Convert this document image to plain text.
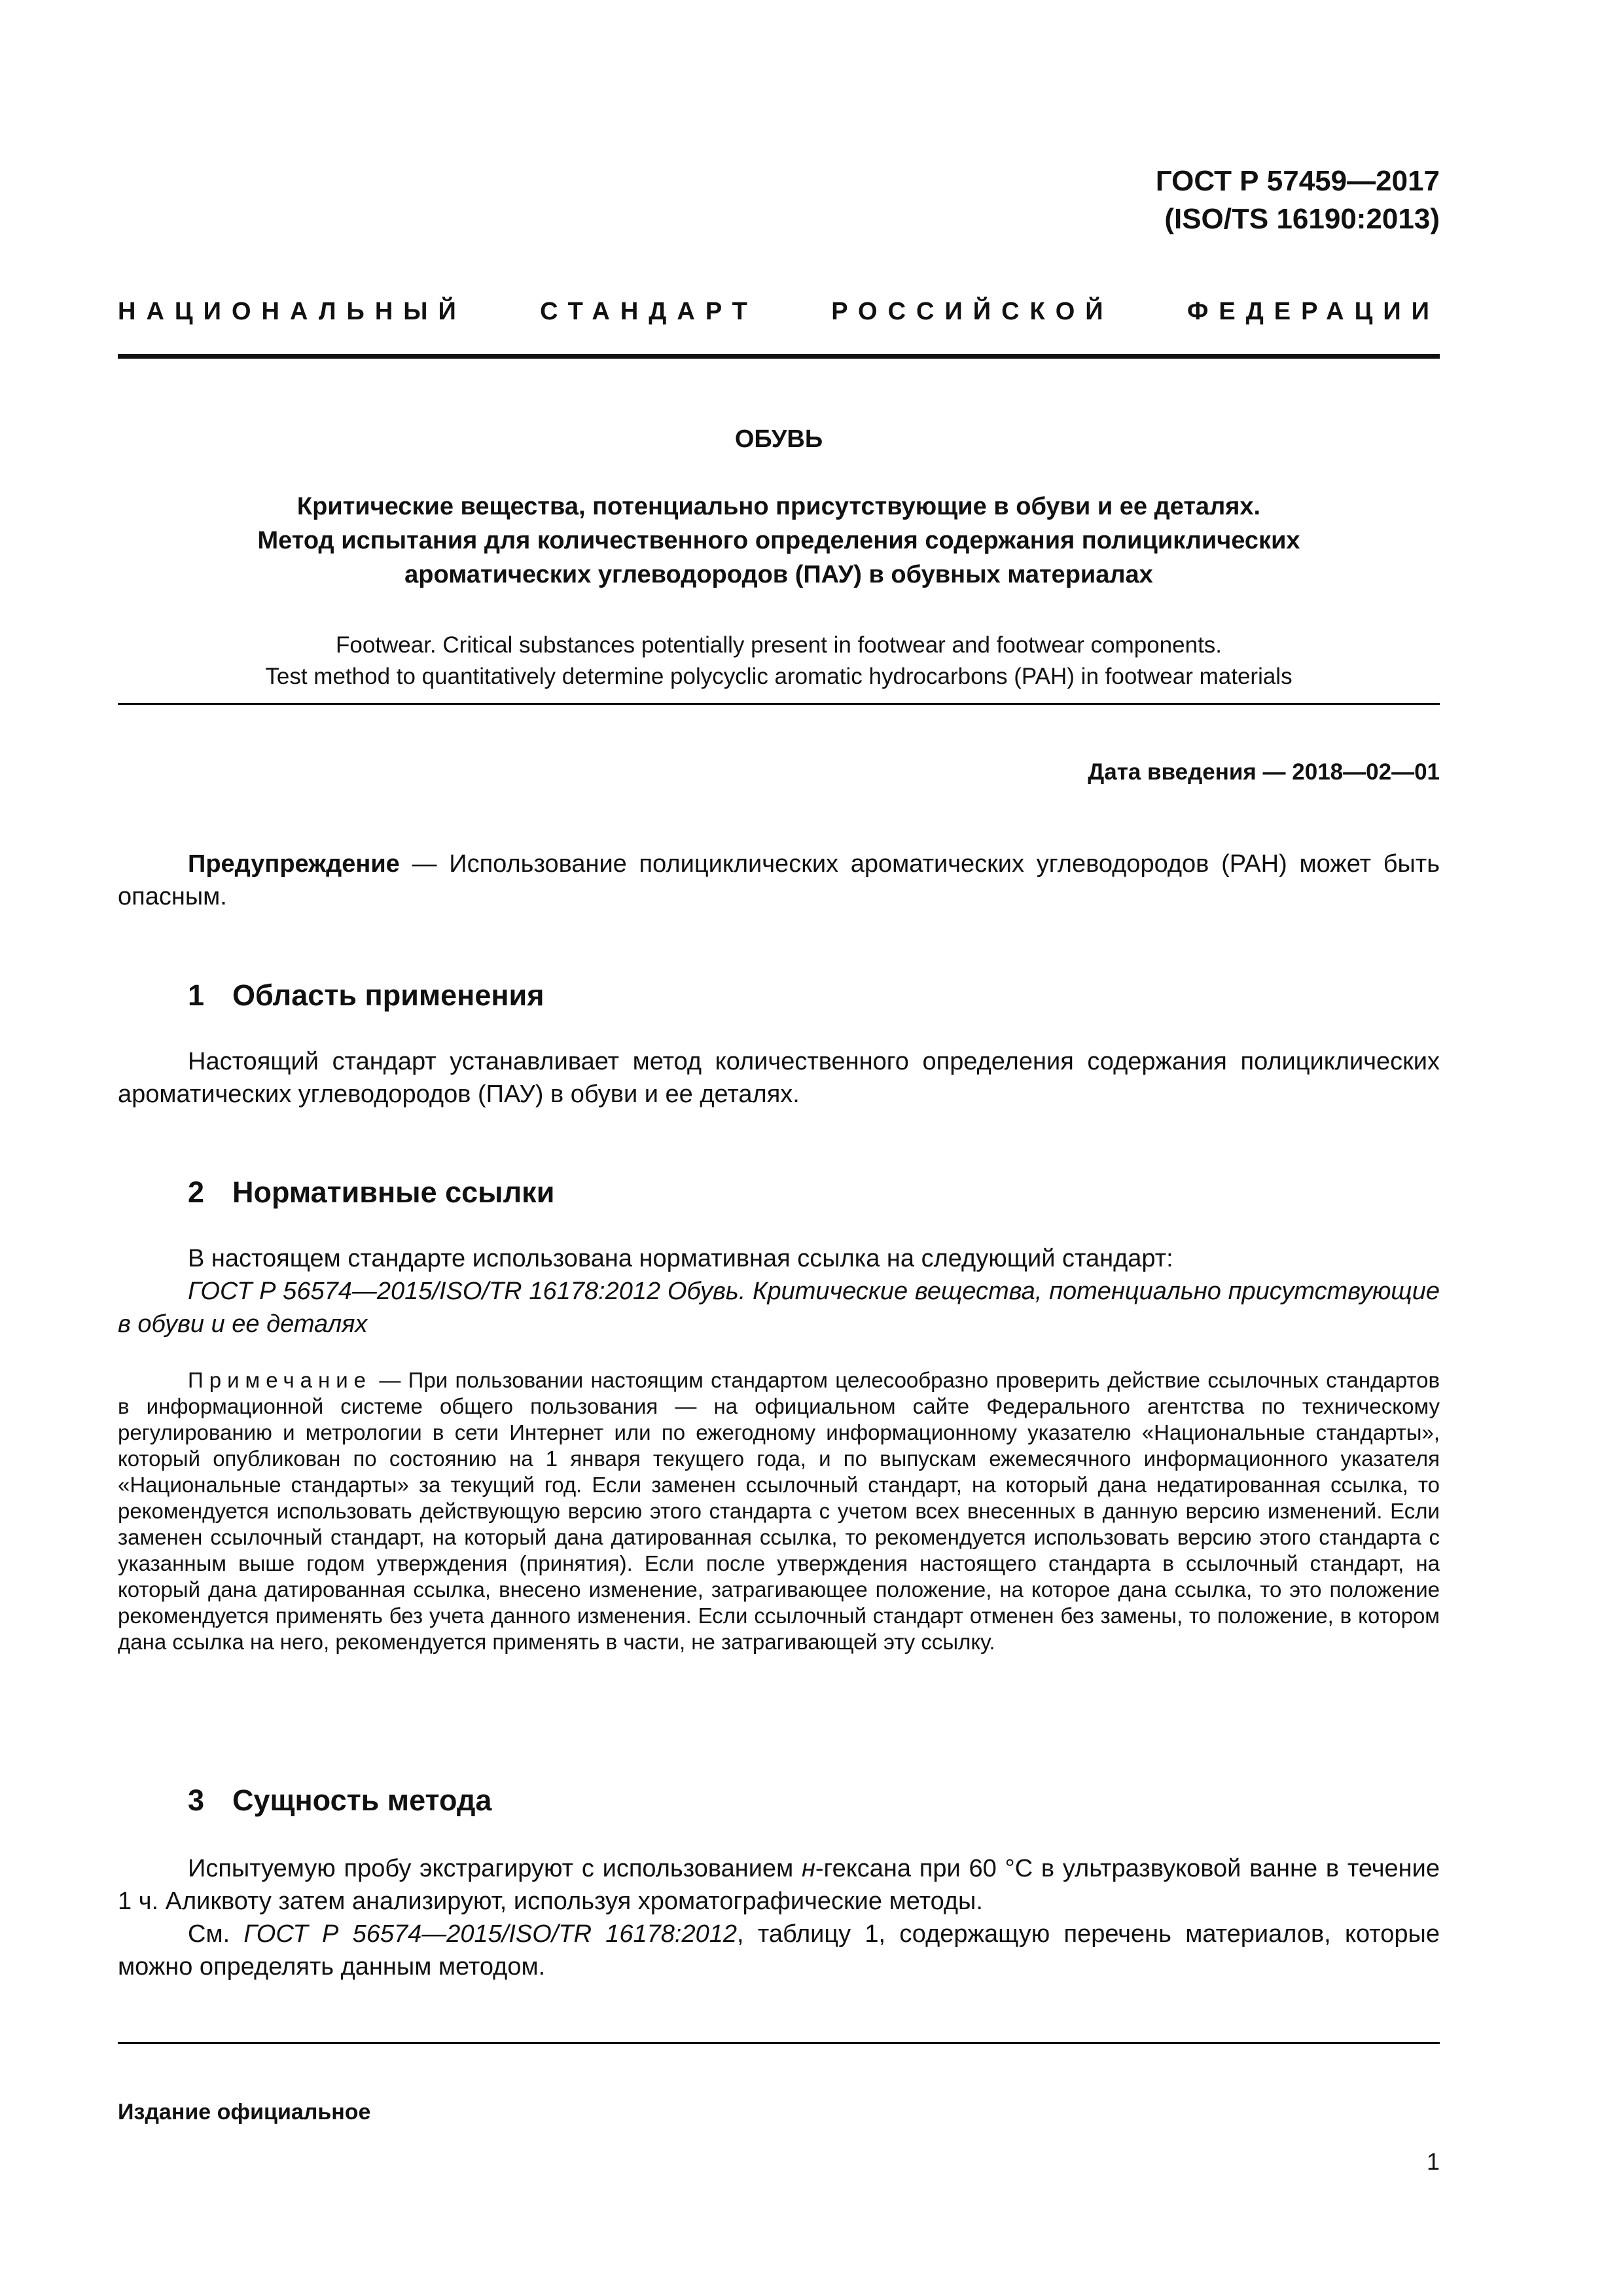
ГОСТ Р 57459—2017
(ISO/TS 16190:2013)
НАЦИОНАЛЬНЫЙ	СТАНДАРТ	РОССИЙСКОЙ	ФЕДЕРАЦИИ
ОБУВЬ
Критические вещества, потенциально присутствующие в обуви и ее деталях.
Метод испытания для количественного определения содержания полициклических
ароматических углеводородов (ПАУ) в обувных материалах
Footwear. Critical substances potentially present in footwear and footwear components.
Test method to quantitatively determine polycyclic aromatic hydrocarbons (PAH) in footwear materials
Дата введения — 2018—02—01
Предупреждение — Использование полициклических ароматических углеводородов (PAH) может быть опасным.
1 Область применения
Настоящий стандарт устанавливает метод количественного определения содержания полициклических ароматических углеводородов (ПАУ) в обуви и ее деталях.
2 Нормативные ссылки
В настоящем стандарте использована нормативная ссылка на следующий стандарт:
ГОСТ Р 56574—2015/ISO/TR 16178:2012 Обувь. Критические вещества, потенциально присутствующие в обуви и ее деталях
Примечание — При пользовании настоящим стандартом целесообразно проверить действие ссылочных стандартов в информационной системе общего пользования — на официальном сайте Федерального агентства по техническому регулированию и метрологии в сети Интернет или по ежегодному информационному указателю «Национальные стандарты», который опубликован по состоянию на 1 января текущего года, и по выпускам ежемесячного информационного указателя «Национальные стандарты» за текущий год. Если заменен ссылочный стандарт, на который дана недатированная ссылка, то рекомендуется использовать действующую версию этого стандарта с учетом всех внесенных в данную версию изменений. Если заменен ссылочный стандарт, на который дана датированная ссылка, то рекомендуется использовать версию этого стандарта с указанным выше годом утверждения (принятия). Если после утверждения настоящего стандарта в ссылочный стандарт, на который дана датированная ссылка, внесено изменение, затрагивающее положение, на которое дана ссылка, то это положение рекомендуется применять без учета данного изменения. Если ссылочный стандарт отменен без замены, то положение, в котором дана ссылка на него, рекомендуется применять в части, не затрагивающей эту ссылку.
3 Сущность метода
Испытуемую пробу экстрагируют с использованием н-гексана при 60 °С в ультразвуковой ванне в течение 1 ч. Аликвоту затем анализируют, используя хроматографические методы.
См. ГОСТ Р 56574—2015/ISO/TR 16178:2012, таблицу 1, содержащую перечень материалов, которые можно определять данным методом.
Издание официальное
1
